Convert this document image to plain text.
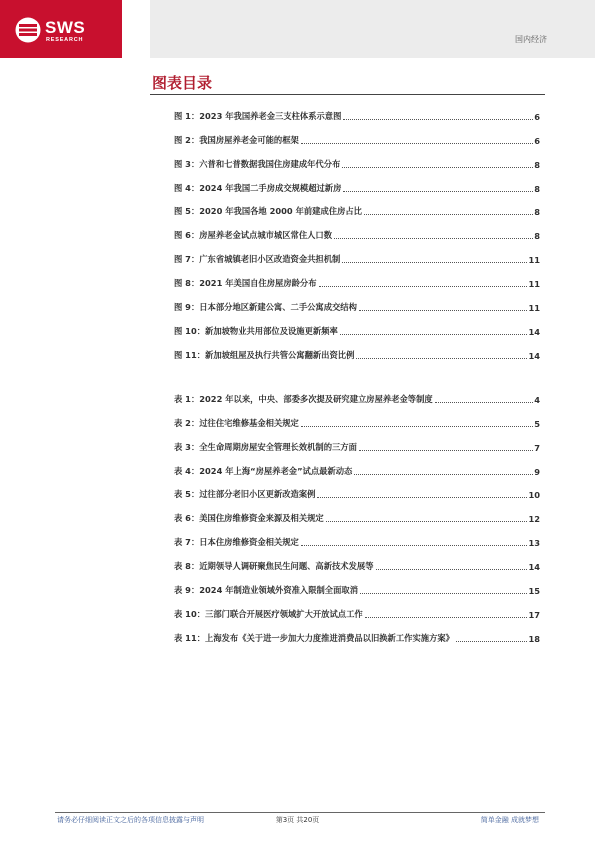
SWS
RESEARCH	国内经济
图表目录
图 1：2023 年我国养老金三支柱体系示意图	6
图 2：我国房屋养老金可能的框架	6
图 3：六普和七普数据我国住房建成年代分布	8
图 4：2024 年我国二手房成交规模超过新房	8
图 5：2020 年我国各地 2000 年前建成住房占比	8
图 6：房屋养老金试点城市城区常住人口数	8
图 7：广东省城镇老旧小区改造资金共担机制	11
图 8：2021 年美国自住房屋房龄分布	11
图 9：日本部分地区新建公寓、二手公寓成交结构	11
图 10：新加坡物业共用部位及设施更新频率	14
图 11：新加坡组屋及执行共管公寓翻新出资比例	14
表 1：2022 年以来，中央、部委多次提及研究建立房屋养老金等制度	4
表 2：过往住宅维修基金相关规定	5
表 3：全生命周期房屋安全管理长效机制的三方面	7
表 4：2024 年上海“房屋养老金”试点最新动态	9
表 5：过往部分老旧小区更新改造案例	10
表 6：美国住房维修资金来源及相关规定	12
表 7：日本住房维修资金相关规定	13
表 8：近期领导人调研聚焦民生问题、高新技术发展等	14
表 9：2024 年制造业领域外资准入限制全面取消	15
表 10：三部门联合开展医疗领域扩大开放试点工作	17
表 11：上海发布《关于进一步加大力度推进消费品以旧换新工作实施方案》	18
请务必仔细阅读正文之后的各项信息披露与声明	第3页 共20页	简单金融 成就梦想
